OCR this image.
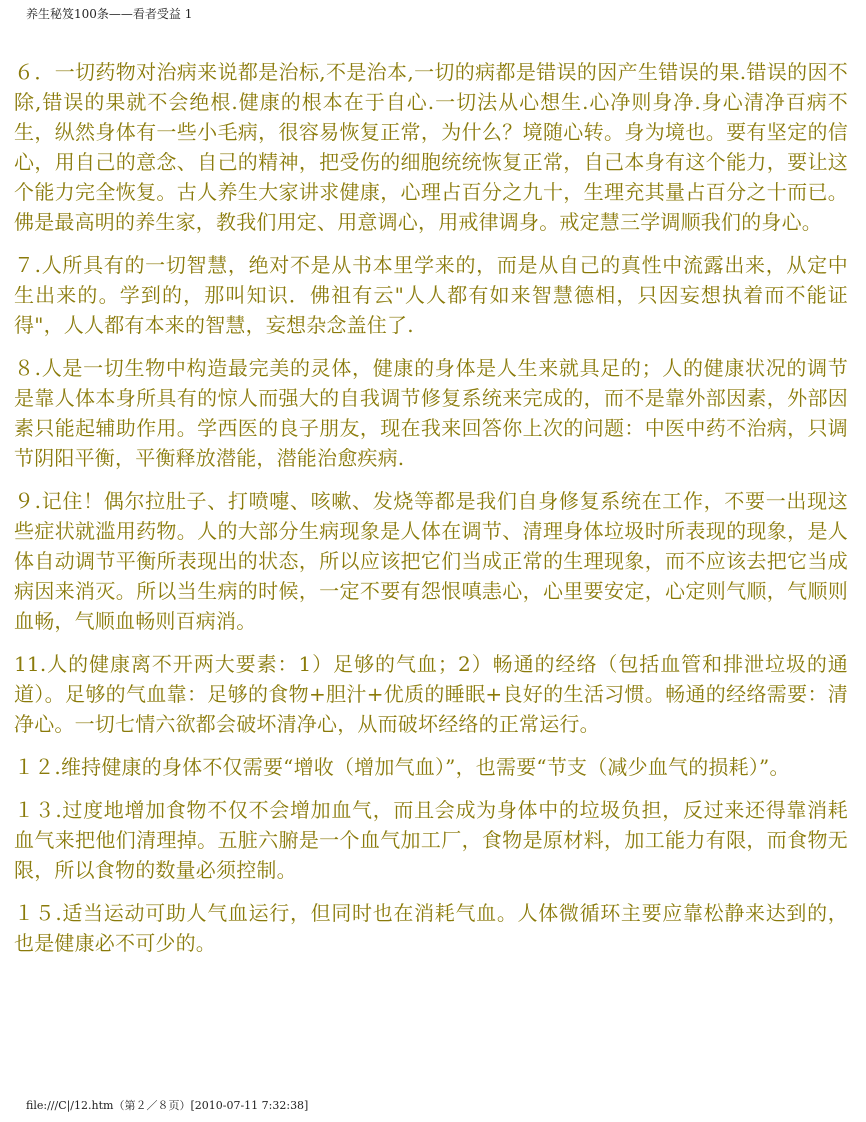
养生秘笈100条——看者受益 1

６．一切药物对治病来说都是治标,不是治本,一切的病都是错误的因产生错误的果.错误的因不除,错误的果就不会绝根.健康的根本在于自心.一切法从心想生.心净则身净.身心清净百病不生，纵然身体有一些小毛病，很容易恢复正常，为什么？境随心转。身为境也。要有坚定的信心，用自己的意念、自己的精神，把受伤的细胞统统恢复正常，自己本身有这个能力，要让这个能力完全恢复。古人养生大家讲求健康，心理占百分之九十，生理充其量占百分之十而已。佛是最高明的养生家，教我们用定、用意调心，用戒律调身。戒定慧三学调顺我们的身心。

７.人所具有的一切智慧，绝对不是从书本里学来的，而是从自己的真性中流露出来，从定中生出来的。学到的，那叫知识．佛祖有云"人人都有如来智慧德相，只因妄想执着而不能证得"，人人都有本来的智慧，妄想杂念盖住了.

８.人是一切生物中构造最完美的灵体，健康的身体是人生来就具足的；人的健康状况的调节是靠人体本身所具有的惊人而强大的自我调节修复系统来完成的，而不是靠外部因素，外部因素只能起辅助作用。学西医的良子朋友，现在我来回答你上次的问题：中医中药不治病，只调节阴阳平衡，平衡释放潜能，潜能治愈疾病.

９.记住！偶尔拉肚子、打喷嚏、咳嗽、发烧等都是我们自身修复系统在工作，不要一出现这些症状就滥用药物。人的大部分生病现象是人体在调节、清理身体垃圾时所表现的现象，是人体自动调节平衡所表现出的状态，所以应该把它们当成正常的生理现象，而不应该去把它当成病因来消灭。所以当生病的时候，一定不要有怨恨嗔恚心，心里要安定，心定则气顺，气顺则血畅，气顺血畅则百病消。

11.人的健康离不开两大要素：1）足够的气血；2）畅通的经络（包括血管和排泄垃圾的通道）。足够的气血靠：足够的食物+胆汁+优质的睡眠+良好的生活习惯。畅通的经络需要：清净心。一切七情六欲都会破坏清净心，从而破坏经络的正常运行。

１２.维持健康的身体不仅需要“增收（增加气血）”，也需要“节支（减少血气的损耗）”。

１３.过度地增加食物不仅不会增加血气，而且会成为身体中的垃圾负担，反过来还得靠消耗血气来把他们清理掉。五脏六腑是一个血气加工厂，食物是原材料，加工能力有限，而食物无限，所以食物的数量必须控制。

１５.适当运动可助人气血运行，但同时也在消耗气血。人体微循环主要应靠松静来达到的，也是健康必不可少的。

file:///C|/12.htm（第２／８页）[2010-07-11 7:32:38]
